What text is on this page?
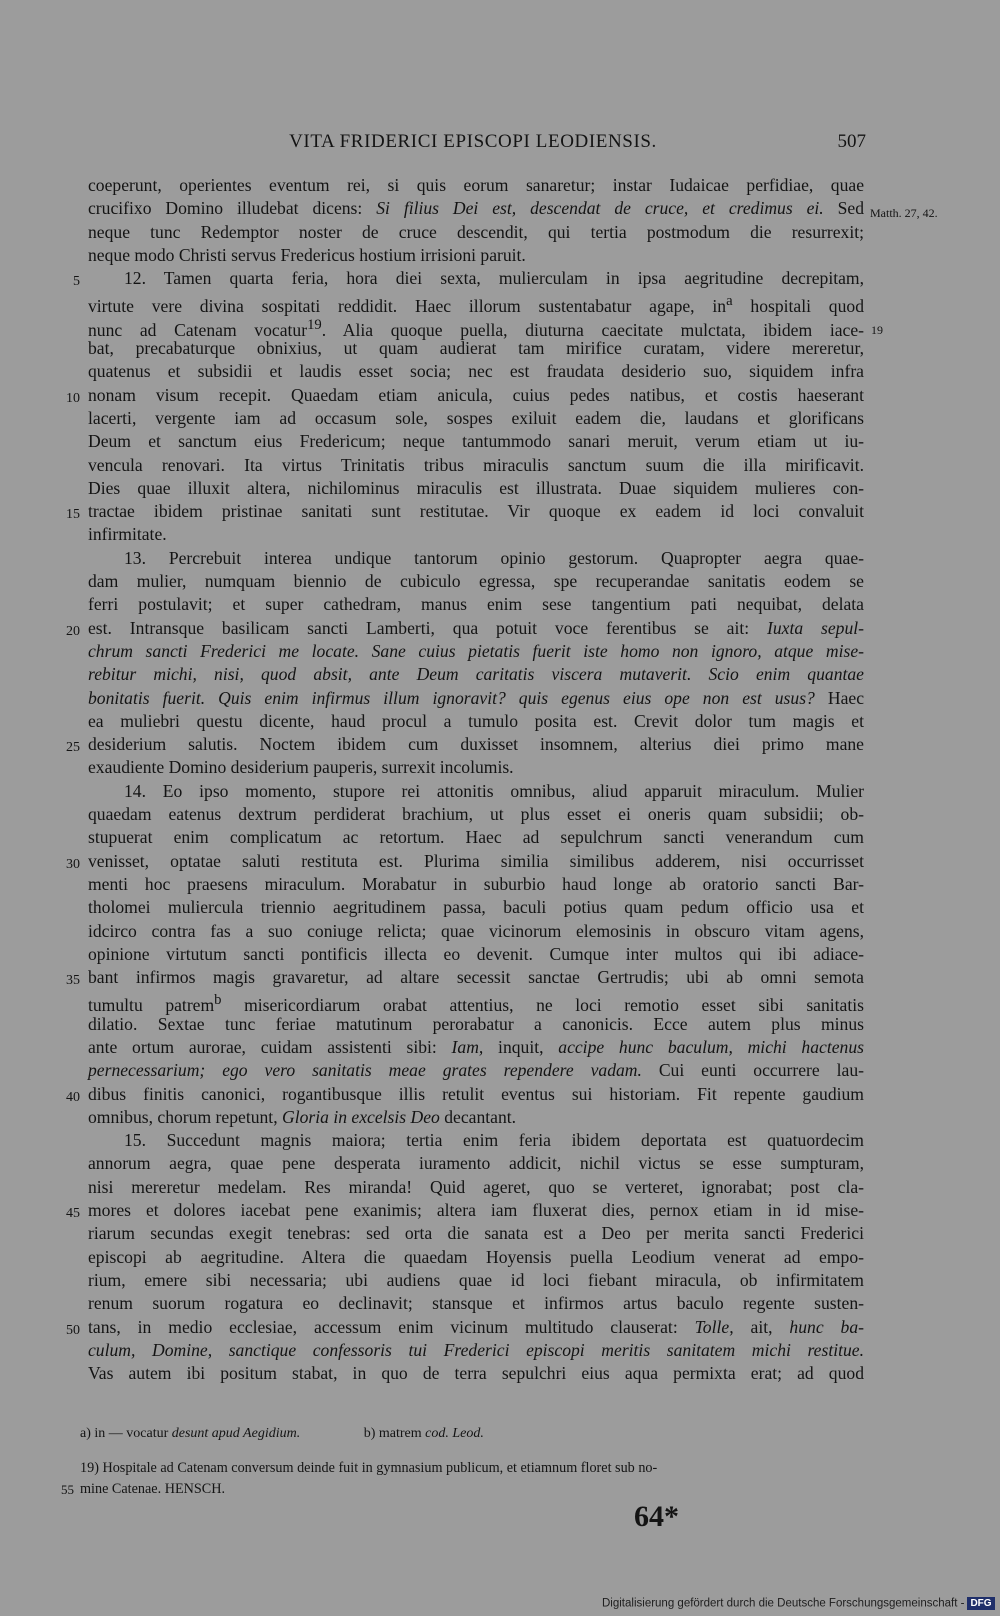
VITA FRIDERICI EPISCOPI LEODIENSIS.	507
coeperunt, operientes eventum rei, si quis eorum sanaretur; instar Iudaicae perfidiae, quae
crucifixo Domino illudebat dicens: Si filius Dei est, descendat de cruce, et credimus ei. Sed
neque tunc Redemptor noster de cruce descendit, qui tertia postmodum die resurrexit;
neque modo Christi servus Fredericus hostium irrisioni paruit.
12. Tamen quarta feria, hora diei sexta, mulierculam in ipsa aegritudine decrepitam,
5
virtute vere divina sospitati reddidit. Haec illorum sustentabatur agape, $in^a$ hospitali quod
nunc ad Catenam vocatur$^{19}$. Alia quoque puella, diuturna caecitate mulctata, ibidem iace-
bat, precabaturque obnixius, ut quam audierat tam mirifice curatam, videre mereretur,
quatenus et subsidii et laudis esset socia; nec est fraudata desiderio suo, siquidem infra
nonam visum recepit. Quaedam etiam anicula, cuius pedes natibus, et costis haeserant
10
lacerti, vergente iam ad occasum sole, sospes exiluit eadem die, laudans et glorificans
Deum et sanctum eius Fredericum; neque tantummodo sanari meruit, verum etiam ut iu-
vencula renovari. Ita virtus Trinitatis tribus miraculis sanctum suum die illa mirificavit.
Dies quae illuxit altera, nichilominus miraculis est illustrata. Duae siquidem mulieres con-
tractae ibidem pristinae sanitati sunt restitutae. Vir quoque ex eadem id loci convaluit
15
infirmitate.
13. Percrebuit interea undique tantorum opinio gestorum. Quapropter aegra quae-
dam mulier, numquam biennio de cubiculo egressa, spe recuperandae sanitatis eodem se
ferri postulavit; et super cathedram, manus enim sese tangentium pati nequibat, delata
est. Intransque basilicam sancti Lamberti, qua potuit voce ferentibus se ait: Iuxta sepul-
20
chrum sancti Frederici me locate. Sane cuius pietatis fuerit iste homo non ignoro, atque mise-
rebitur michi, nisi, quod absit, ante Deum caritatis viscera mutaverit. Scio enim quantae
bonitatis fuerit. Quis enim infirmus illum ignoravit? quis egenus eius ope non est usus? Haec
ea muliebri questu dicente, haud procul a tumulo posita est. Crevit dolor tum magis et
desiderium salutis. Noctem ibidem cum duxisset insomnem, alterius diei primo mane
25
exaudiente Domino desiderium pauperis, surrexit incolumis.
14. Eo ipso momento, stupore rei attonitis omnibus, aliud apparuit miraculum. Mulier
quaedam eatenus dextrum perdiderat brachium, ut plus esset ei oneris quam subsidii; ob-
stupuerat enim complicatum ac retortum. Haec ad sepulchrum sancti venerandum cum
venisset, optatae saluti restituta est. Plurima similia similibus adderem, nisi occurrisset
30
menti hoc praesens miraculum. Morabatur in suburbio haud longe ab oratorio sancti Bar-
tholomei muliercula triennio aegritudinem passa, baculi potius quam pedum officio usa et
idcirco contra fas a suo coniuge relicta; quae vicinorum elemosinis in obscuro vitam agens,
opinione virtutum sancti pontificis illecta eo devenit. Cumque inter multos qui ibi adiace-
bant infirmos magis gravaretur, ad altare secessit sanctae Gertrudis; ubi ab omni semota
35
tumultu patrem$^b$ misericordiarum orabat attentius, ne loci remotio esset sibi sanitatis
dilatio. Sextae tunc feriae matutinum perorabatur a canonicis. Ecce autem plus minus
ante ortum aurorae, cuidam assistenti sibi: Iam, inquit, accipe hunc baculum, michi hactenus
pernecessarium; ego vero sanitatis meae grates rependere vadam. Cui eunti occurrere lau-
dibus finitis canonici, rogantibusque illis retulit eventus sui historiam. Fit repente gaudium
40
omnibus, chorum repetunt, Gloria in excelsis Deo decantant.
15. Succedunt magnis maiora; tertia enim feria ibidem deportata est quatuordecim
annorum aegra, quae pene desperata iuramento addicit, nichil victus se esse sumpturam,
nisi mereretur medelam. Res miranda! Quid ageret, quo se verteret, ignorabat; post cla-
mores et dolores iacebat pene exanimis; altera iam fluxerat dies, pernox etiam in id mise-
45
riarum secundas exegit tenebras: sed orta die sanata est a Deo per merita sancti Frederici
episcopi ab aegritudine. Altera die quaedam Hoyensis puella Leodium venerat ad empo-
rium, emere sibi necessaria; ubi audiens quae id loci fiebant miracula, ob infirmitatem
renum suorum rogatura eo declinavit; stansque et infirmos artus baculo regente susten-
tans, in medio ecclesiae, accessum enim vicinum multitudo clauserat: Tolle, ait, hunc ba-
50
culum, Domine, sanctique confessoris tui Frederici episcopi meritis sanitatem michi restitue.
Vas autem ibi positum stabat, in quo de terra sepulchri eius aqua permixta erat; ad quod
Matth. 27, 42.
19
a) in — vocatur desunt apud Aegidium.	b) matrem cod. Leod.
19) Hospitale ad Catenam conversum deinde fuit in gymnasium publicum, et etiamnum floret sub no-
55 mine Catenae. HENSCH.
64*
Digitalisierung gefördert durch die Deutsche Forschungsgemeinschaft - DFG
